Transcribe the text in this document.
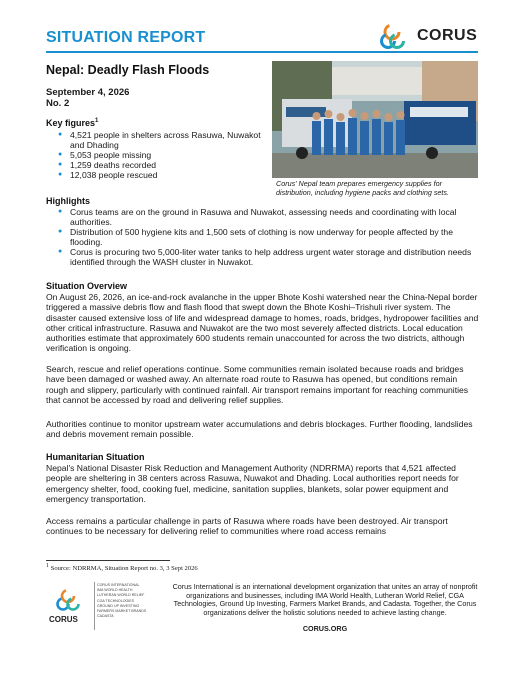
SITUATION REPORT	CORUS
Nepal: Deadly Flash Floods
September 4, 2026
No. 2
Key figures$^1$
● 4,521 people in shelters across Rasuwa, Nuwakot and Dhading
● 5,053 people missing
● 1,259 deaths recorded
● 12,038 people rescued
Corus' Nepal team prepares emergency supplies for distribution, including hygiene packs and clothing sets.
Highlights
● Corus teams are on the ground in Rasuwa and Nuwakot, assessing needs and coordinating with local authorities.
● Distribution of 500 hygiene kits and 1,500 sets of clothing is now underway for people affected by the flooding.
● Corus is procuring two 5,000-liter water tanks to help address urgent water storage and distribution needs identified through the WASH cluster in Nuwakot.
Situation Overview

On August 26, 2026, an ice-and-rock avalanche in the upper Bhote Koshi watershed near the China-Nepal border triggered a massive debris flow and flash flood that swept down the Bhote Koshi–Trishuli river system. The disaster caused extensive loss of life and widespread damage to homes, roads, bridges, hydropower facilities and other critical infrastructure. Rasuwa and Nuwakot are the two most severely affected districts. Local education authorities estimate that approximately 600 students remain unaccounted for across the two districts, although verification is ongoing.

Search, rescue and relief operations continue. Some communities remain isolated because roads and bridges have been damaged or washed away. An alternate road route to Rasuwa has opened, but conditions remain rough and slippery, particularly with continued rainfall. Air transport remains important for reaching communities that cannot be accessed by road and delivering relief supplies.

Authorities continue to monitor upstream water accumulations and debris blockages. Further flooding, landslides and debris movement remain possible.

Humanitarian Situation

Nepal's National Disaster Risk Reduction and Management Authority (NDRRMA) reports that 4,521 affected people are sheltering in 38 centers across Rasuwa, Nuwakot and Dhading. Local authorities report needs for emergency shelter, food, cooking fuel, medicine, sanitation supplies, blankets, solar power equipment and emergency transportation.

Access remains a particular challenge in parts of Rasuwa where roads have been destroyed. Air transport continues to be necessary for delivering relief to communities where road access remains

$^1$ Source: NDRRMA, Situation Report no. 3, 3 Sept 2026
CORUS
CORUS INTERNATIONAL
IMA WORLD HEALTH
LUTHERAN WORLD RELIEF
CGA TECHNOLOGIES
GROUND UP INVESTING
FARMERS MARKET BRANDS
CADASTA
Corus International is an international development organization that unites an array of nonprofit organizations and businesses, including IMA World Health, Lutheran World Relief, CGA Technologies, Ground Up Investing, Farmers Market Brands, and Cadasta. Together, the Corus organizations deliver the holistic solutions needed to achieve lasting change.
CORUS.ORG
